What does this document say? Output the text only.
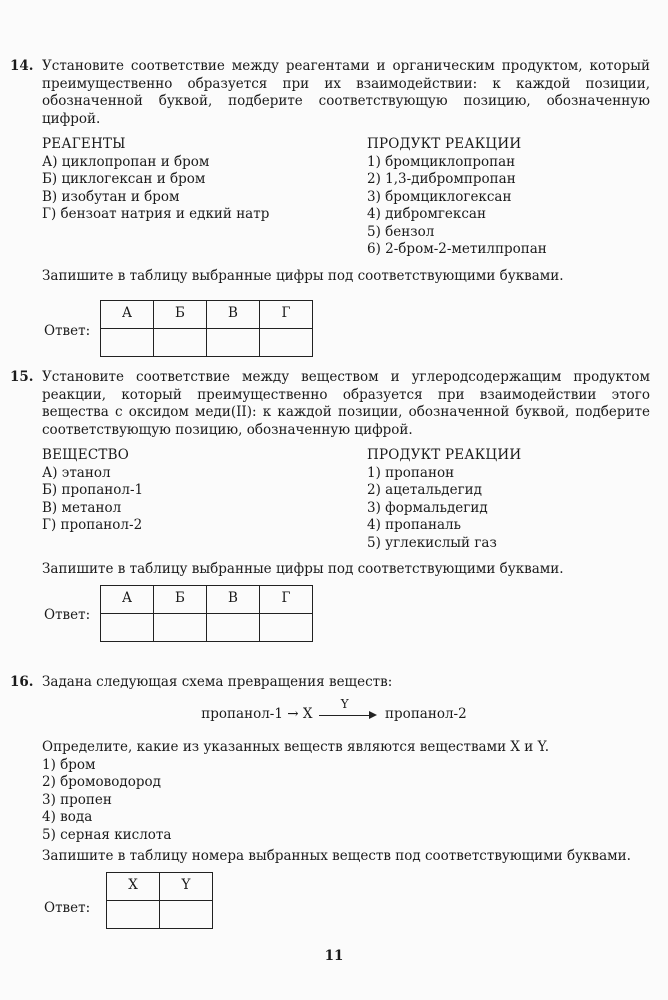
14. Установите соответствие между реагентами и органическим продуктом, который преимущественно образуется при их взаимодействии: к каждой позиции, обозначенной буквой, подберите соответствующую позицию, обозначенную цифрой.
РЕАГЕНТЫ
А) циклопропан и бром
Б) циклогексан и бром
В) изобутан и бром
Г) бензоат натрия и едкий натр
ПРОДУКТ РЕАКЦИИ
1) бромциклопропан
2) 1,3-дибромпропан
3) бромциклогексан
4) дибромгексан
5) бензол
6) 2-бром-2-метилпропан
Запишите в таблицу выбранные цифры под соответствующими буквами.
Ответ:
А	Б	В	Г

15. Установите соответствие между веществом и углеродсодержащим продуктом реакции, который преимущественно образуется при взаимодействии этого вещества с оксидом меди(II): к каждой позиции, обозначенной буквой, подберите соответствующую позицию, обозначенную цифрой.
ВЕЩЕСТВО
А) этанол
Б) пропанол-1
В) метанол
Г) пропанол-2
ПРОДУКТ РЕАКЦИИ
1) пропанон
2) ацетальдегид
3) формальдегид
4) пропаналь
5) углекислый газ
Запишите в таблицу выбранные цифры под соответствующими буквами.
Ответ:
А	Б	В	Г

16. Задана следующая схема превращения веществ:
пропанол-1 → X
Y
пропанол-2
Определите, какие из указанных веществ являются веществами X и Y.
1) бром
2) бромоводород
3) пропен
4) вода
5) серная кислота
Запишите в таблицу номера выбранных веществ под соответствующими буквами.
Ответ:
X	Y

11
